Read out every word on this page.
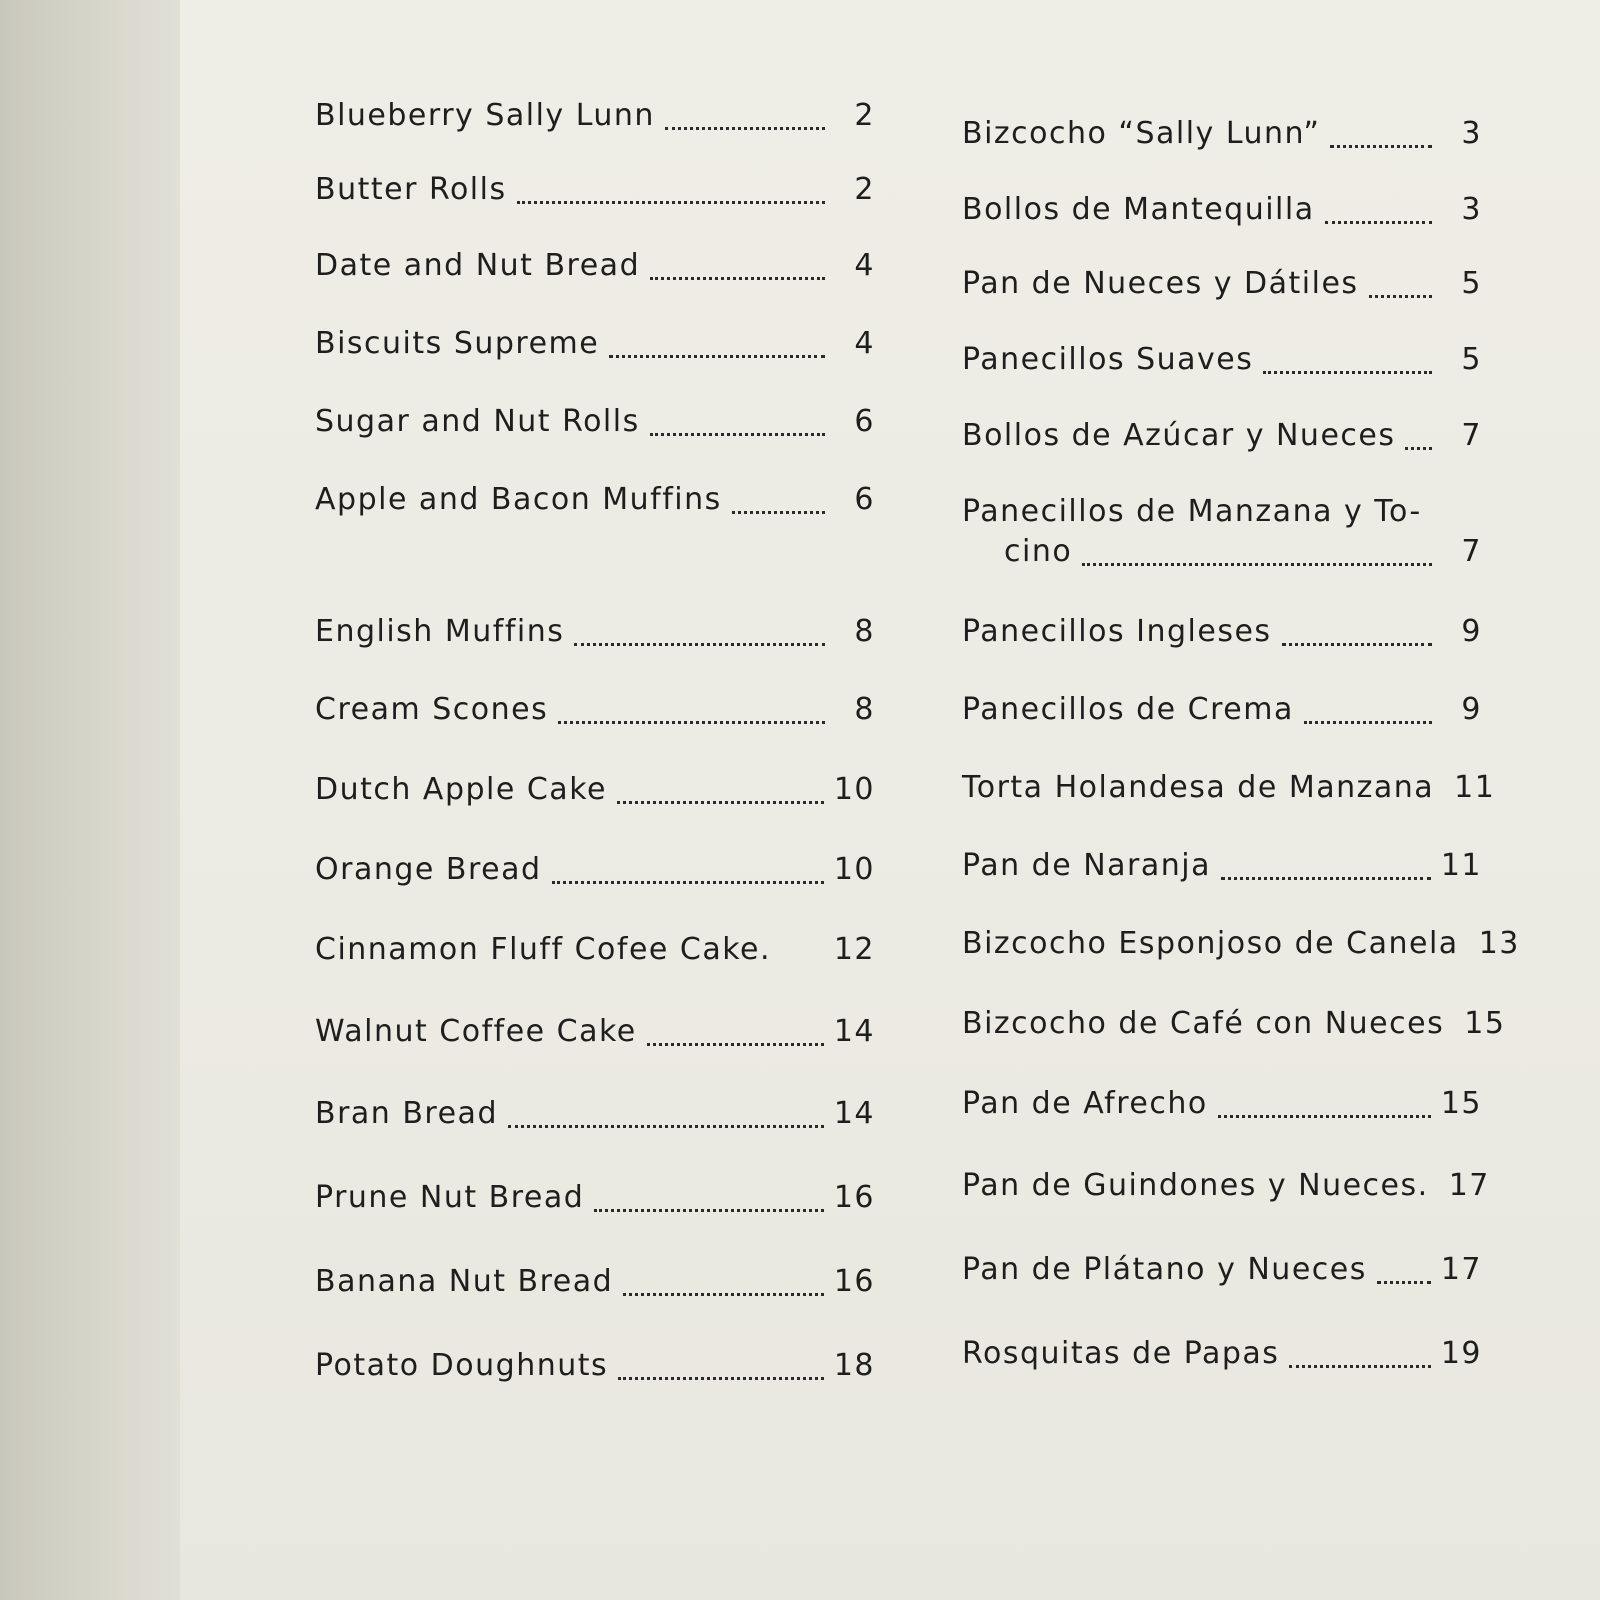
Blueberry Sally Lunn	2
Butter Rolls	2
Date and Nut Bread	4
Biscuits Supreme	4
Sugar and Nut Rolls	6
Apple and Bacon Muffins	6
English Muffins	8
Cream Scones	8
Dutch Apple Cake	10
Orange Bread	10
Cinnamon Fluff Cofee Cake. 12
Walnut Coffee Cake	14
Bran Bread	14
Prune Nut Bread	16
Banana Nut Bread	16
Potato Doughnuts	18
Bizcocho “Sally Lunn”	3
Bollos de Mantequilla	3
Pan de Nueces y Dátiles	5
Panecillos Suaves	5
Bollos de Azúcar y Nueces	7
Panecillos de Manzana y To-
cino	7
Panecillos Ingleses	9
Panecillos de Crema	9
Torta Holandesa de Manzana 11
Pan de Naranja	11
Bizcocho Esponjoso de Canela 13
Bizcocho de Café con Nueces 15
Pan de Afrecho	15
Pan de Guindones y Nueces. 17
Pan de Plátano y Nueces 17
Rosquitas de Papas	19
